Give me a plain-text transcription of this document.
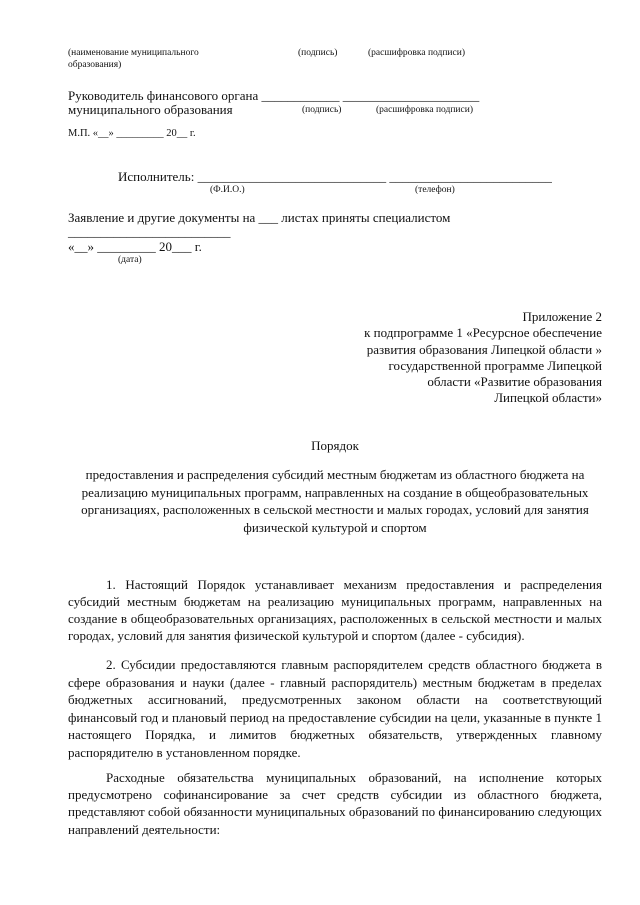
(наименование муниципального
образования)
(подпись)	(расшифровка подписи)
Руководитель финансового органа ____________ _____________________
муниципального образования	(подпись)	(расшифровка подписи)
М.П. «__» _________ 20__ г.
Исполнитель: _____________________________ _________________________
(Ф.И.О.)	(телефон)
Заявление и другие документы на ___ листах приняты специалистом
_________________________
«__» _________ 20___ г.
(дата)
Приложение 2
к подпрограмме 1 «Ресурсное обеспечение
развития образования Липецкой области »
государственной программе Липецкой
области «Развитие образования
Липецкой области»
Порядок
предоставления и распределения субсидий местным бюджетам из областного бюджета на реализацию муниципальных программ, направленных на создание в общеобразовательных организациях, расположенных в сельской местности и малых городах, условий для занятия физической культурой и спортом
1. Настоящий Порядок устанавливает механизм предоставления и распределения субсидий местным бюджетам на реализацию муниципальных программ, направленных на создание в общеобразовательных организациях, расположенных в сельской местности и малых городах, условий для занятия физической культурой и спортом (далее - субсидия).
2. Субсидии предоставляются главным распорядителем средств областного бюджета в сфере образования и науки (далее - главный распорядитель) местным бюджетам в пределах бюджетных ассигнований, предусмотренных законом области на соответствующий финансовый год и плановый период на предоставление субсидии на цели, указанные в пункте 1 настоящего Порядка, и лимитов бюджетных обязательств, утвержденных главному распорядителю в установленном порядке.
Расходные обязательства муниципальных образований, на исполнение которых предусмотрено софинансирование за счет средств субсидии из областного бюджета, представляют собой обязанности муниципальных образований по финансированию следующих направлений деятельности:
